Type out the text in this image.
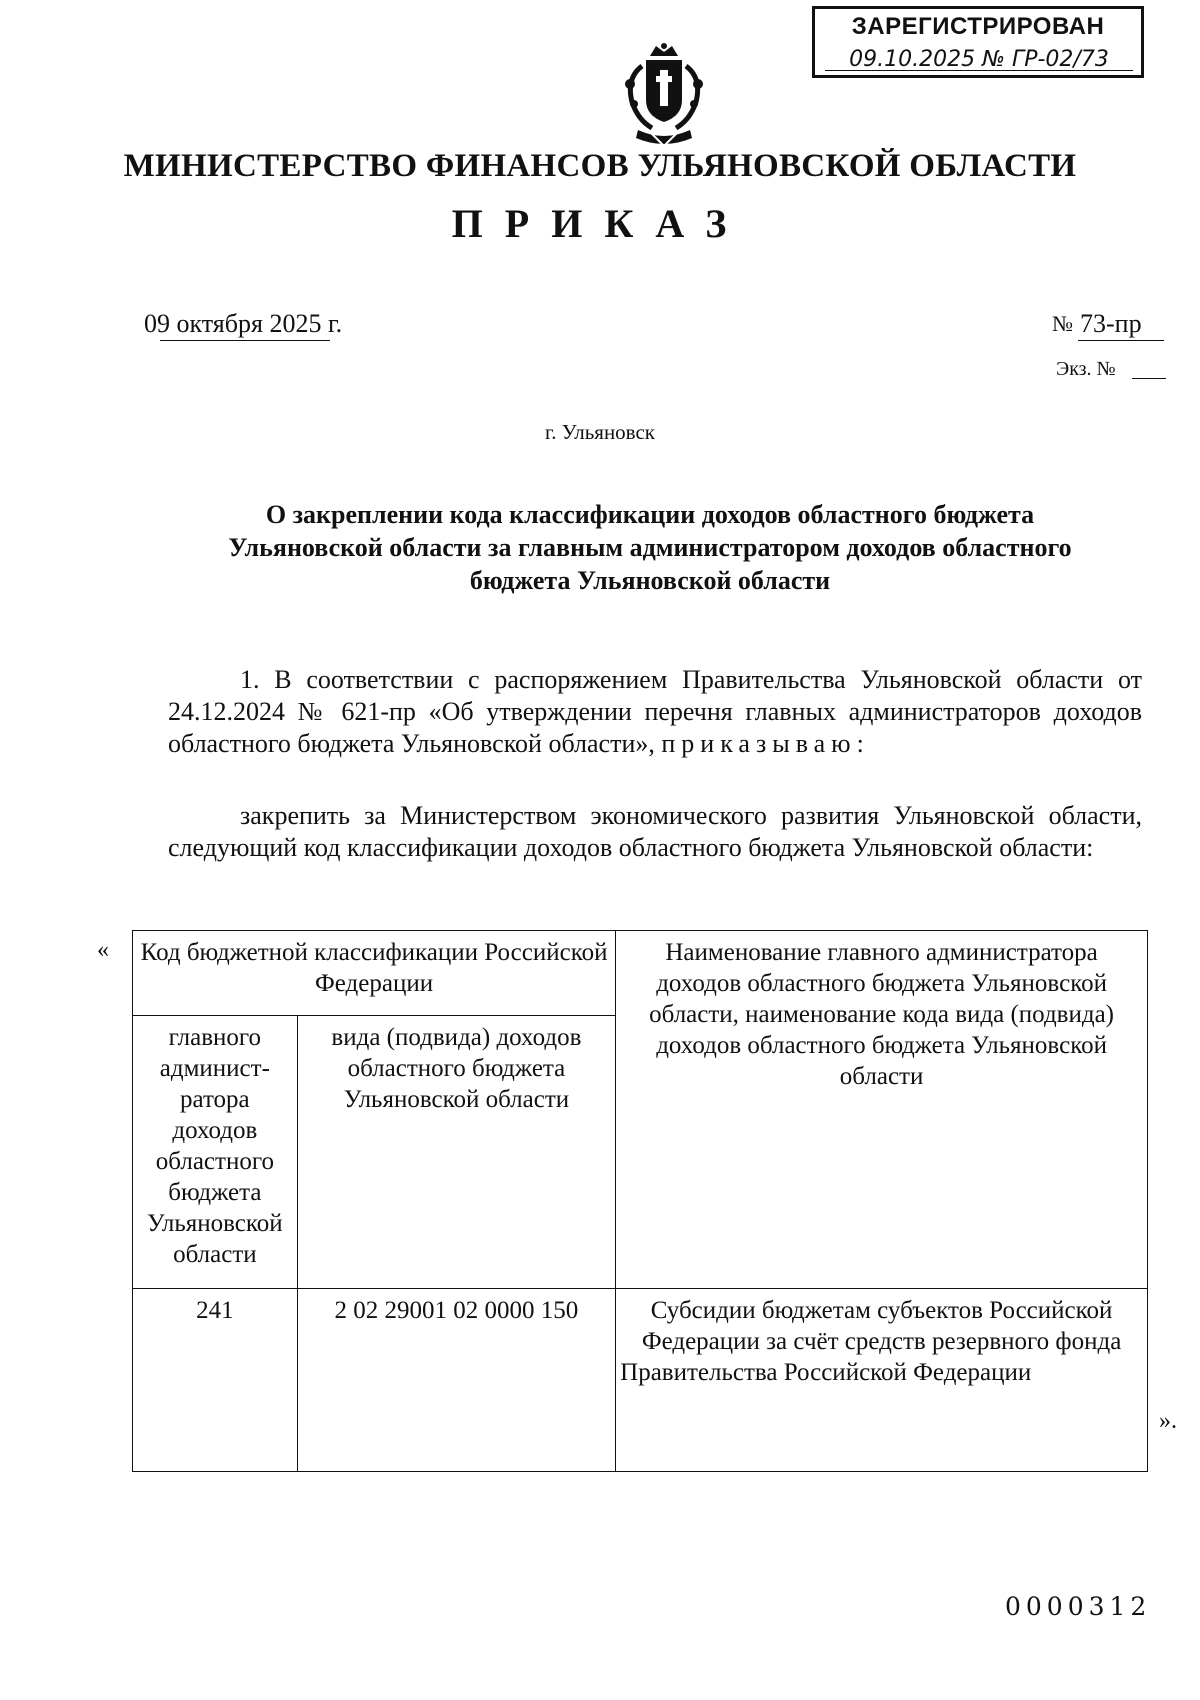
ЗАРЕГИСТРИРОВАН
09.10.2025 № ГР-02/73
МИНИСТЕРСТВО ФИНАНСОВ УЛЬЯНОВСКОЙ ОБЛАСТИ
ПРИКАЗ
09 октября 2025 г.	№ 73-пр
Экз. №
г. Ульяновск
О закреплении кода классификации доходов областного бюджета Ульяновской области за главным администратором доходов областного бюджета Ульяновской области
1. В соответствии с распоряжением Правительства Ульяновской области от 24.12.2024 № 621-пр «Об утверждении перечня главных администраторов доходов областного бюджета Ульяновской области», приказываю:
закрепить за Министерством экономического развития Ульяновской области, следующий код классификации доходов областного бюджета Ульяновской области:
« Код бюджетной классификации Российской Федерации		Наименование главного администратора доходов областного бюджета Ульяновской области, наименование кода вида (подвида) доходов областного бюджета Ульяновской области
главного админист-ратора доходов областного бюджета Ульяновской области	вида (подвида) доходов областного бюджета Ульяновской области	
241	2 02 29001 02 0000 150	Субсидии бюджетам субъектов Российской Федерации за счёт средств резервного фонда Правительства Российской Федерации
».
0000312
